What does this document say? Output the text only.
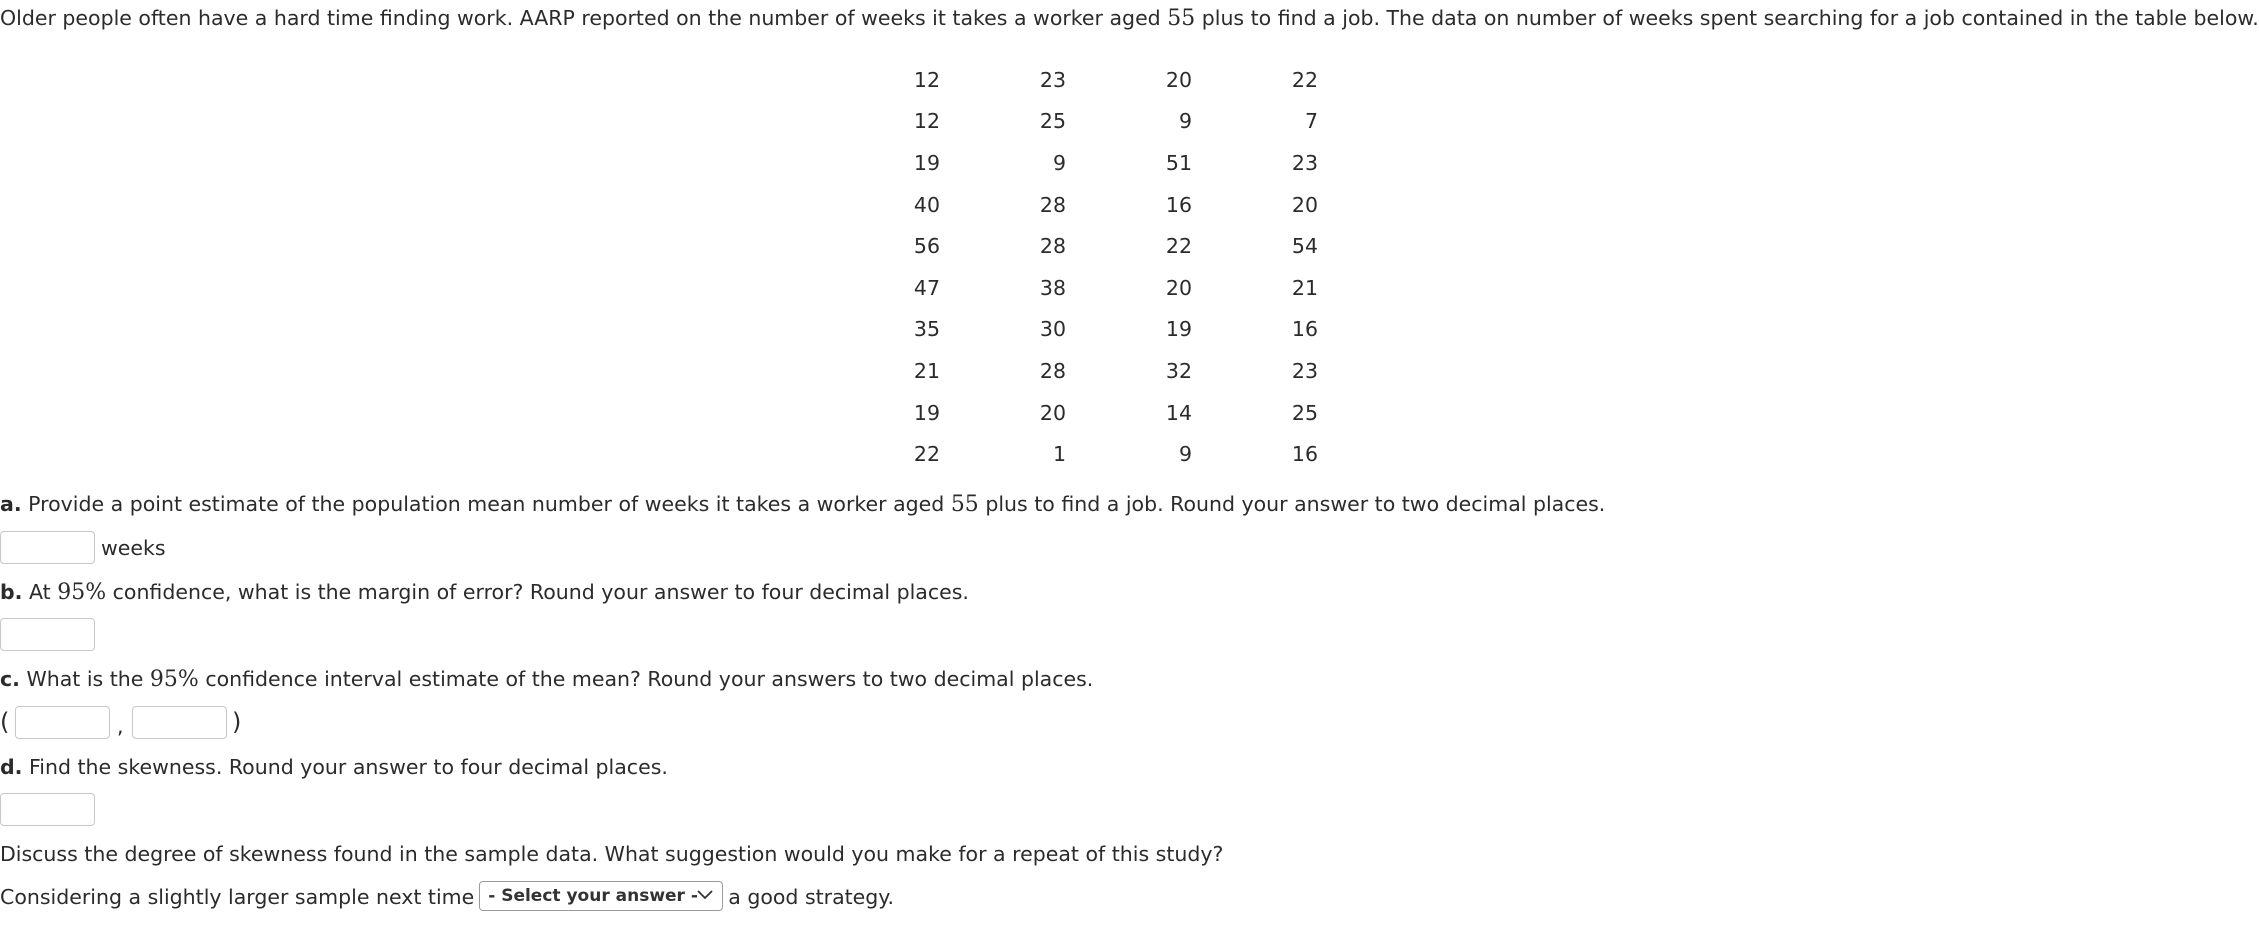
Older people often have a hard time finding work. AARP reported on the number of weeks it takes a worker aged 55 plus to find a job. The data on number of weeks spent searching for a job contained in the table below.
12	23	20	22
12	25	9	7
19	9	51	23
40	28	16	20
56	28	22	54
47	38	20	21
35	30	19	16
21	28	32	23
19	20	14	25
22	1	9	16
a. Provide a point estimate of the population mean number of weeks it takes a worker aged 55 plus to find a job. Round your answer to two decimal places.
weeks
b. At 95% confidence, what is the margin of error? Round your answer to four decimal places.
c. What is the 95% confidence interval estimate of the mean? Round your answers to two decimal places.
(	,	)
d. Find the skewness. Round your answer to four decimal places.
Discuss the degree of skewness found in the sample data. What suggestion would you make for a repeat of this study?
Considering a slightly larger sample next time - Select your answer - a good strategy.
